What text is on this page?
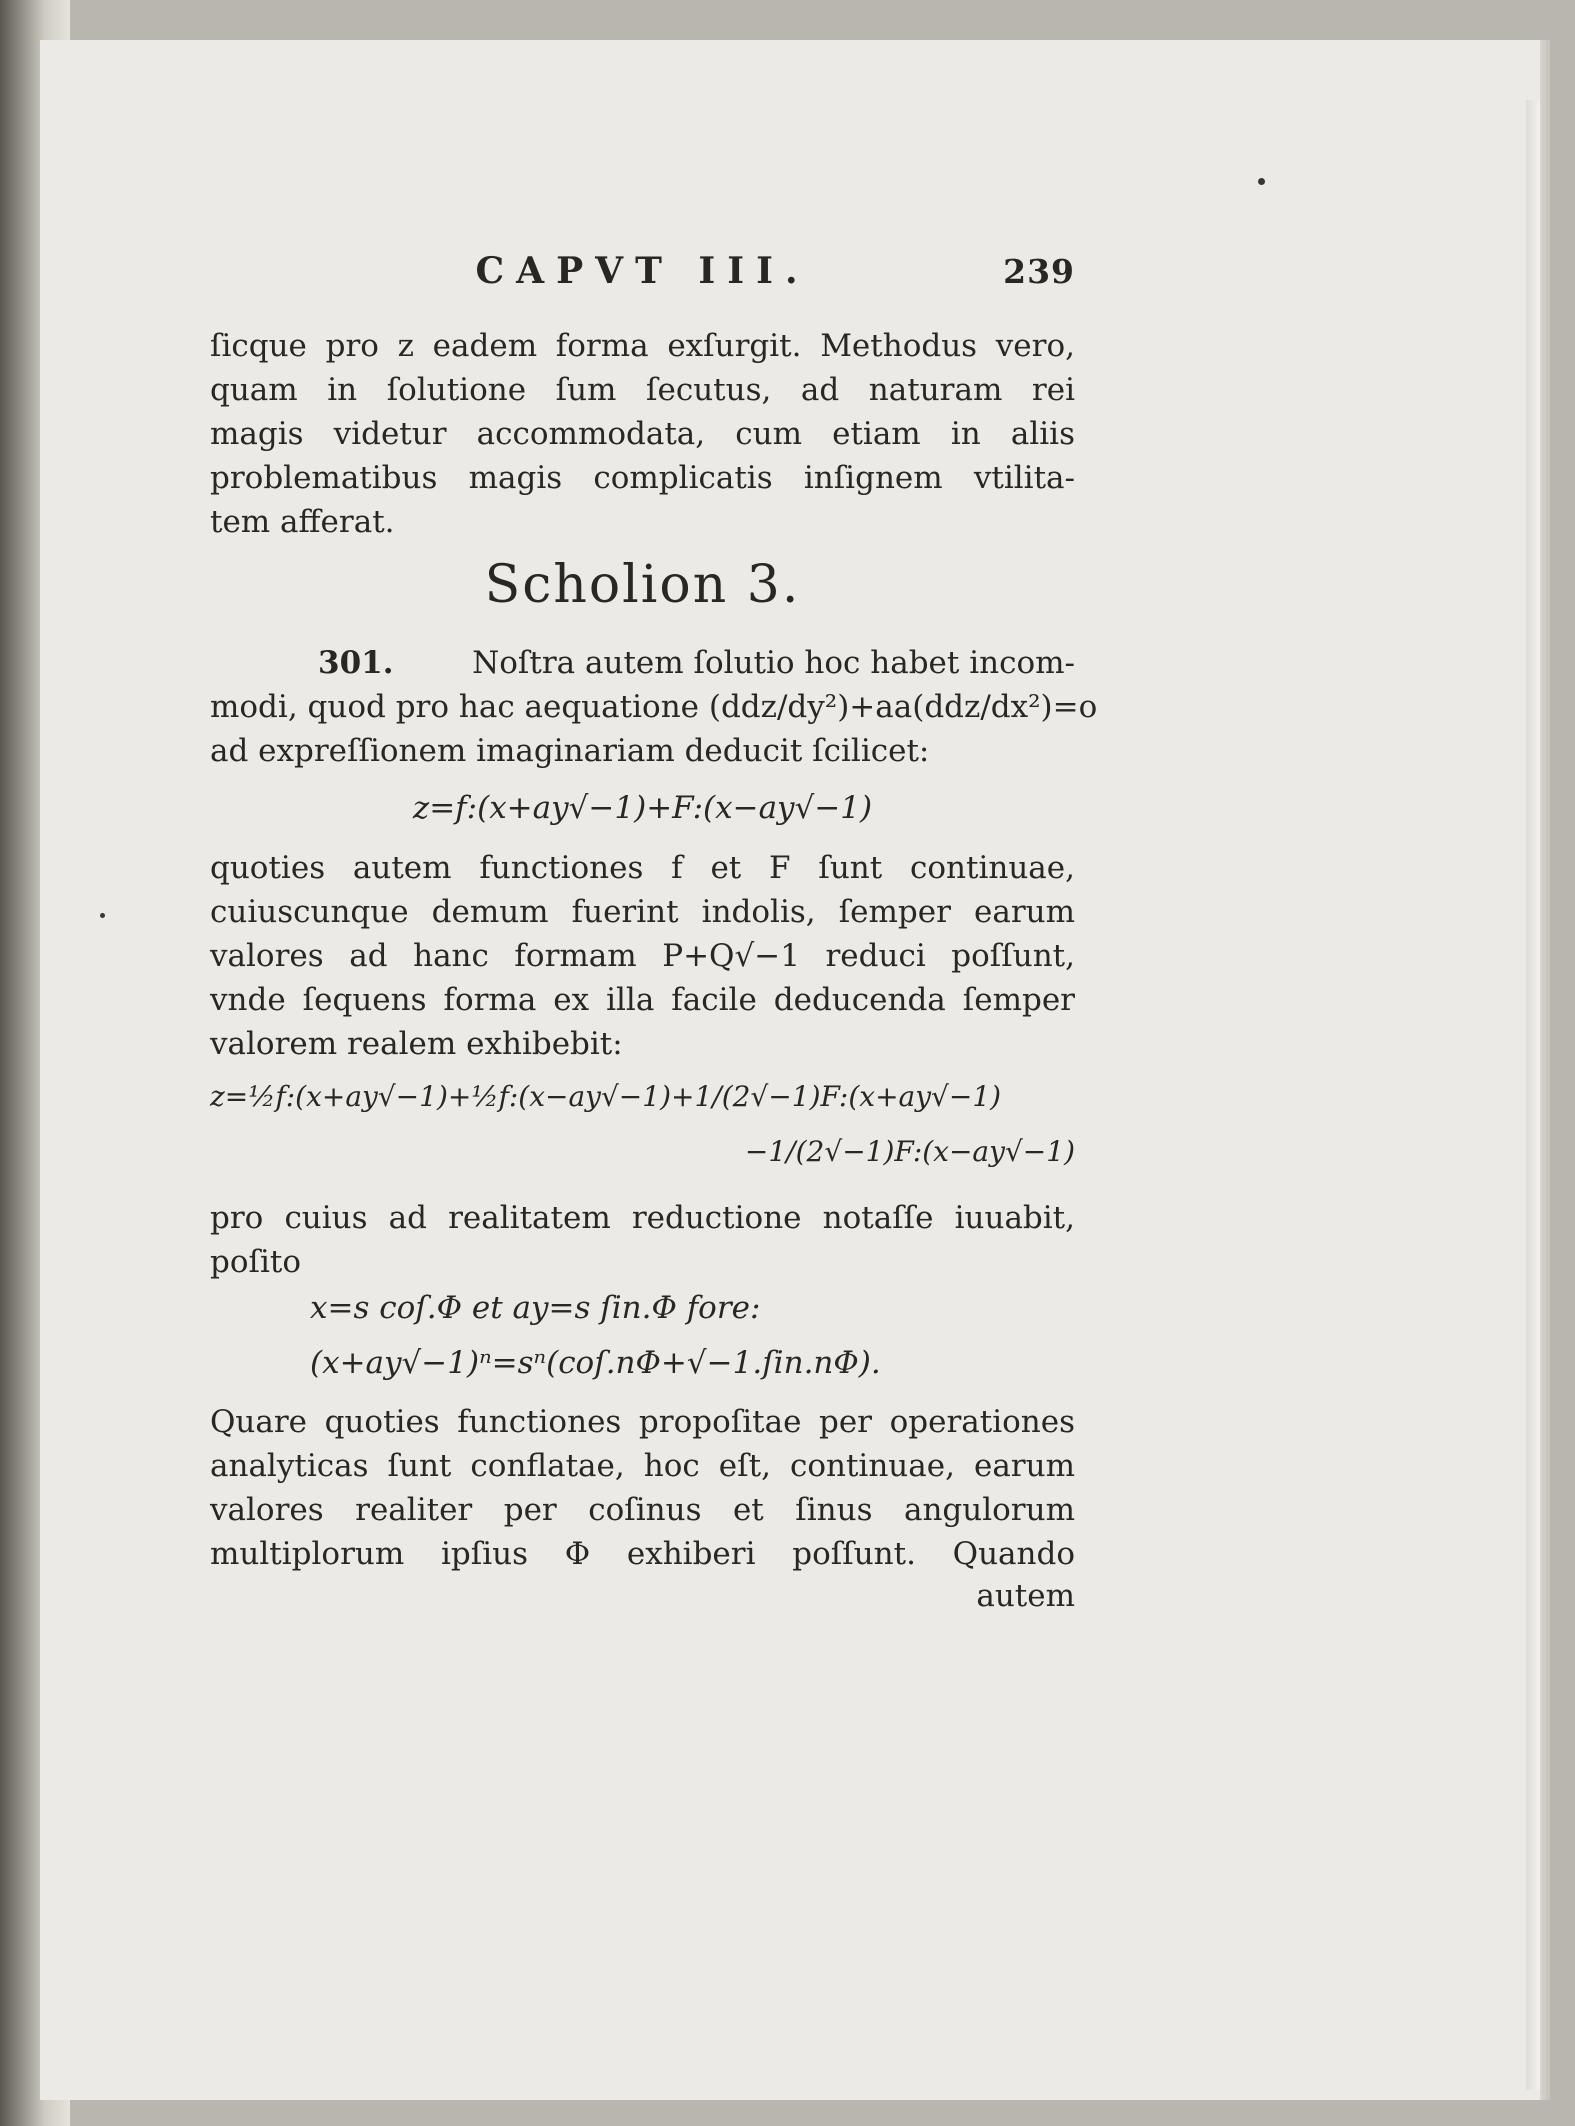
CAPVT III.	239
ſicque pro z eadem forma exſurgit. Methodus vero,
quam in ſolutione ſum ſecutus, ad naturam rei
magis videtur accommodata, cum etiam in aliis
problematibus magis complicatis inſignem vtilita-
tem afferat.
Scholion 3.
301.	Noſtra autem ſolutio hoc habet incom-
modi, quod pro hac aequatione (ddz/dy²)+aa(ddz/dx²)=o
ad expreſſionem imaginariam deducit ſcilicet:
z=f:(x+ay√−1)+F:(x−ay√−1)
quoties autem functiones f et F ſunt continuae,
cuiuscunque demum fuerint indolis, ſemper earum
valores ad hanc formam P+Q√−1 reduci poſſunt,
vnde ſequens forma ex illa facile deducenda ſemper
valorem realem exhibebit:
z=½f:(x+ay√−1)+½f:(x−ay√−1)+1/(2√−1)F:(x+ay√−1)
−1/(2√−1)F:(x−ay√−1)
pro cuius ad realitatem reductione notaſſe iuuabit,
poſito
x=s coſ.Φ et ay=s ſin.Φ fore:
(x+ay√−1)ⁿ=sⁿ(coſ.nΦ+√−1.ſin.nΦ).
Quare quoties functiones propoſitae per operationes
analyticas ſunt conflatae, hoc eſt, continuae, earum
valores realiter per coſinus et ſinus angulorum
multiplorum ipſius Φ exhiberi poſſunt. Quando
autem
